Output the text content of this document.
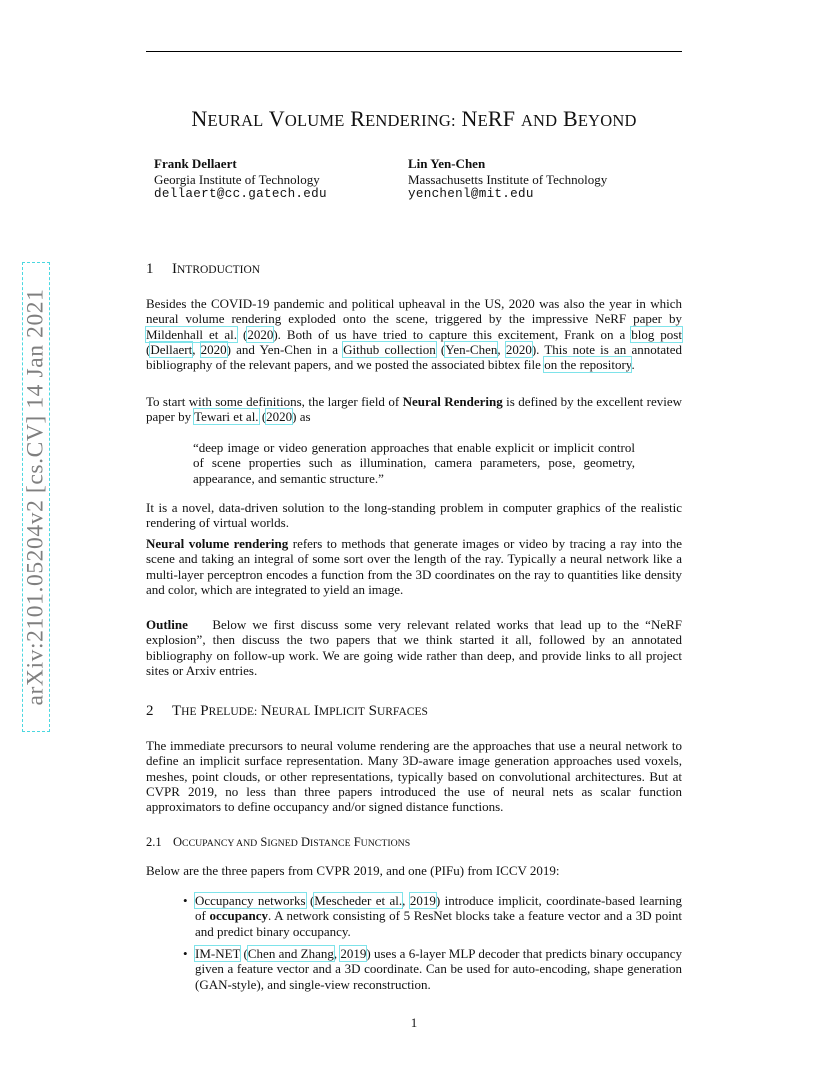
NEURAL VOLUME RENDERING: NERF AND BEYOND
Frank Dellaert
Georgia Institute of Technology
dellaert@cc.gatech.edu
Lin Yen-Chen
Massachusetts Institute of Technology
yenchenl@mit.edu
arXiv:2101.05204v2 [cs.CV] 14 Jan 2021
1 INTRODUCTION
Besides the COVID-19 pandemic and political upheaval in the US, 2020 was also the year in which neural volume rendering exploded onto the scene, triggered by the impressive NeRF paper by Mildenhall et al. (2020). Both of us have tried to capture this excitement, Frank on a blog post (Dellaert, 2020) and Yen-Chen in a Github collection (Yen-Chen, 2020). This note is an annotated bibliography of the relevant papers, and we posted the associated bibtex file on the repository.
To start with some definitions, the larger field of Neural Rendering is defined by the excellent review paper by Tewari et al. (2020) as
“deep image or video generation approaches that enable explicit or implicit control of scene properties such as illumination, camera parameters, pose, geometry, appearance, and semantic structure.”
It is a novel, data-driven solution to the long-standing problem in computer graphics of the realistic rendering of virtual worlds.
Neural volume rendering refers to methods that generate images or video by tracing a ray into the scene and taking an integral of some sort over the length of the ray. Typically a neural network like a multi-layer perceptron encodes a function from the 3D coordinates on the ray to quantities like density and color, which are integrated to yield an image.
Outline Below we first discuss some very relevant related works that lead up to the “NeRF explosion”, then discuss the two papers that we think started it all, followed by an annotated bibliography on follow-up work. We are going wide rather than deep, and provide links to all project sites or Arxiv entries.
2 THE PRELUDE: NEURAL IMPLICIT SURFACES
The immediate precursors to neural volume rendering are the approaches that use a neural network to define an implicit surface representation. Many 3D-aware image generation approaches used voxels, meshes, point clouds, or other representations, typically based on convolutional architectures. But at CVPR 2019, no less than three papers introduced the use of neural nets as scalar function approximators to define occupancy and/or signed distance functions.
2.1 OCCUPANCY AND SIGNED DISTANCE FUNCTIONS
Below are the three papers from CVPR 2019, and one (PIFu) from ICCV 2019:
• Occupancy networks (Mescheder et al., 2019) introduce implicit, coordinate-based learning of occupancy. A network consisting of 5 ResNet blocks take a feature vector and a 3D point and predict binary occupancy.
• IM-NET (Chen and Zhang, 2019) uses a 6-layer MLP decoder that predicts binary occupancy given a feature vector and a 3D coordinate. Can be used for auto-encoding, shape generation (GAN-style), and single-view reconstruction.
1
